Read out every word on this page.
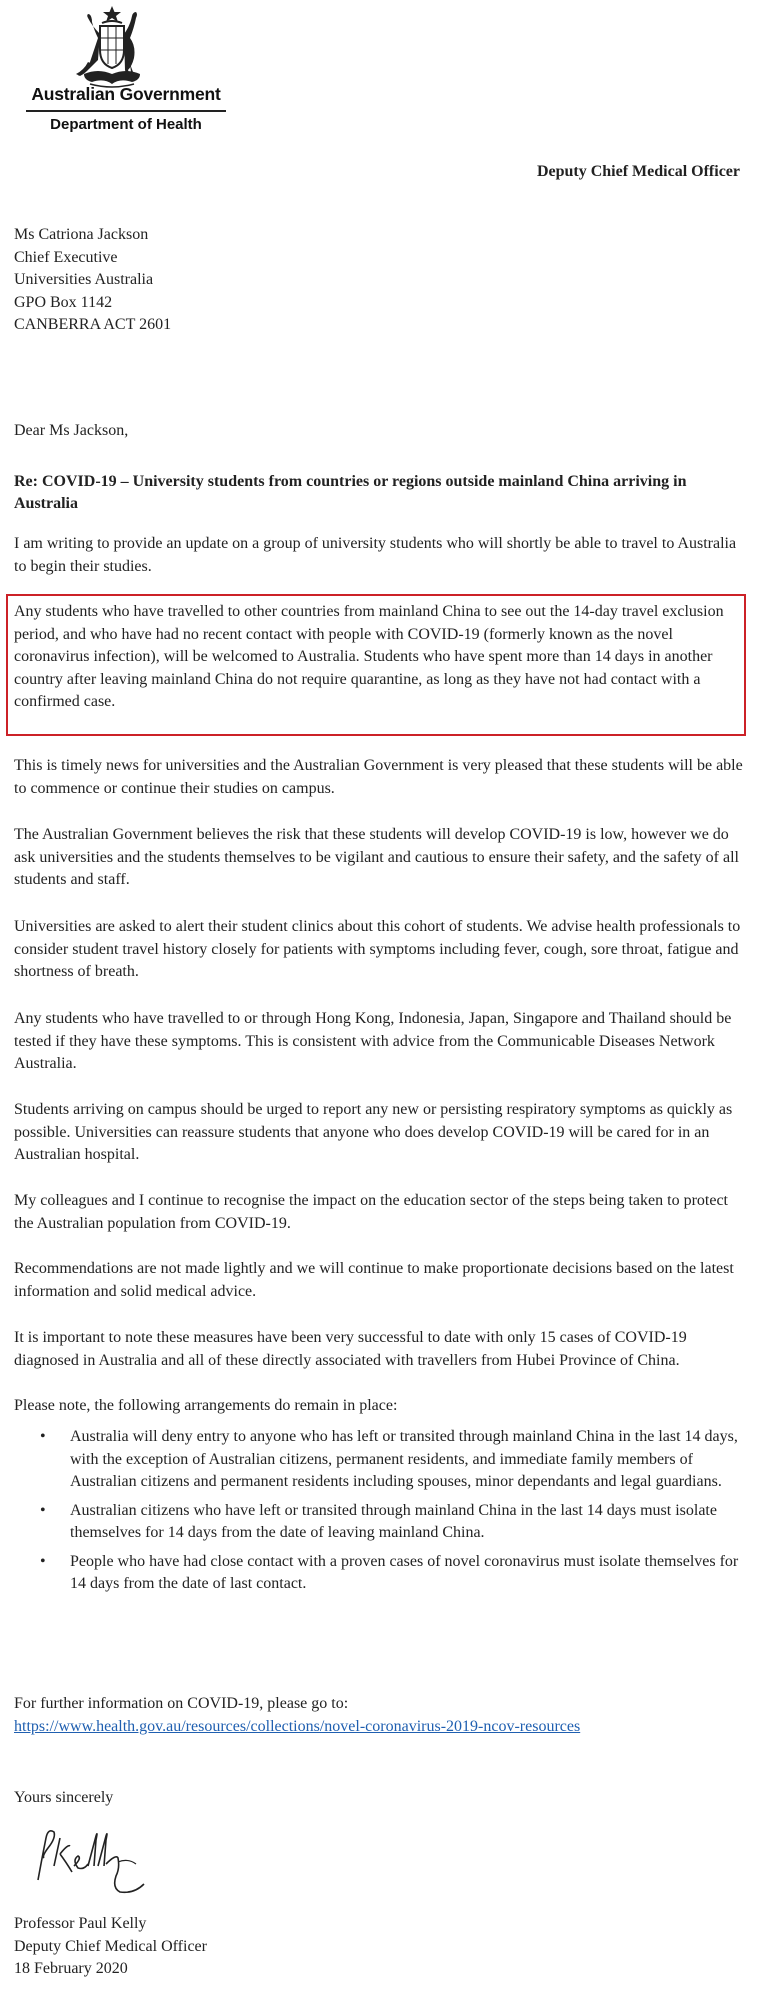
Australian Government
Department of Health
Deputy Chief Medical Officer
Ms Catriona Jackson
Chief Executive
Universities Australia
GPO Box 1142
CANBERRA ACT 2601
Dear Ms Jackson,
Re: COVID-19 – University students from countries or regions outside mainland China arriving in Australia
I am writing to provide an update on a group of university students who will shortly be able to travel to Australia to begin their studies.
Any students who have travelled to other countries from mainland China to see out the 14-day travel exclusion period, and who have had no recent contact with people with COVID-19 (formerly known as the novel coronavirus infection), will be welcomed to Australia. Students who have spent more than 14 days in another country after leaving mainland China do not require quarantine, as long as they have not had contact with a confirmed case.
This is timely news for universities and the Australian Government is very pleased that these students will be able to commence or continue their studies on campus.
The Australian Government believes the risk that these students will develop COVID-19 is low, however we do ask universities and the students themselves to be vigilant and cautious to ensure their safety, and the safety of all students and staff.
Universities are asked to alert their student clinics about this cohort of students. We advise health professionals to consider student travel history closely for patients with symptoms including fever, cough, sore throat, fatigue and shortness of breath.
Any students who have travelled to or through Hong Kong, Indonesia, Japan, Singapore and Thailand should be tested if they have these symptoms. This is consistent with advice from the Communicable Diseases Network Australia.
Students arriving on campus should be urged to report any new or persisting respiratory symptoms as quickly as possible. Universities can reassure students that anyone who does develop COVID-19 will be cared for in an Australian hospital.
My colleagues and I continue to recognise the impact on the education sector of the steps being taken to protect the Australian population from COVID-19.
Recommendations are not made lightly and we will continue to make proportionate decisions based on the latest information and solid medical advice.
It is important to note these measures have been very successful to date with only 15 cases of COVID-19 diagnosed in Australia and all of these directly associated with travellers from Hubei Province of China.
Please note, the following arrangements do remain in place:
• Australia will deny entry to anyone who has left or transited through mainland China in the last 14 days, with the exception of Australian citizens, permanent residents, and immediate family members of Australian citizens and permanent residents including spouses, minor dependants and legal guardians.
• Australian citizens who have left or transited through mainland China in the last 14 days must isolate themselves for 14 days from the date of leaving mainland China.
• People who have had close contact with a proven cases of novel coronavirus must isolate themselves for 14 days from the date of last contact.
For further information on COVID-19, please go to:
https://www.health.gov.au/resources/collections/novel-coronavirus-2019-ncov-resources
Yours sincerely
Professor Paul Kelly
Deputy Chief Medical Officer
18 February 2020
